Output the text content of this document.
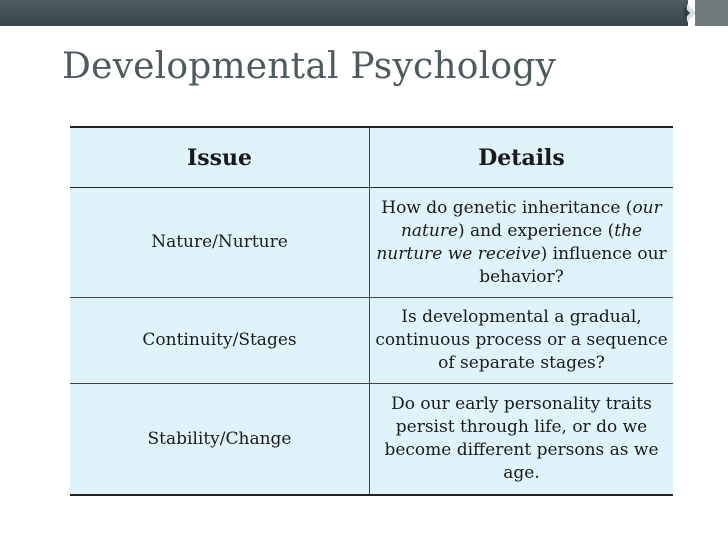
Developmental Psychology
Issue	Details
Nature/Nurture
How do genetic inheritance (our nature) and experience (the nurture we receive) influence our behavior?
Continuity/Stages
Is developmental a gradual, continuous process or a sequence of separate stages?
Stability/Change
Do our early personality traits persist through life, or do we become different persons as we age.
